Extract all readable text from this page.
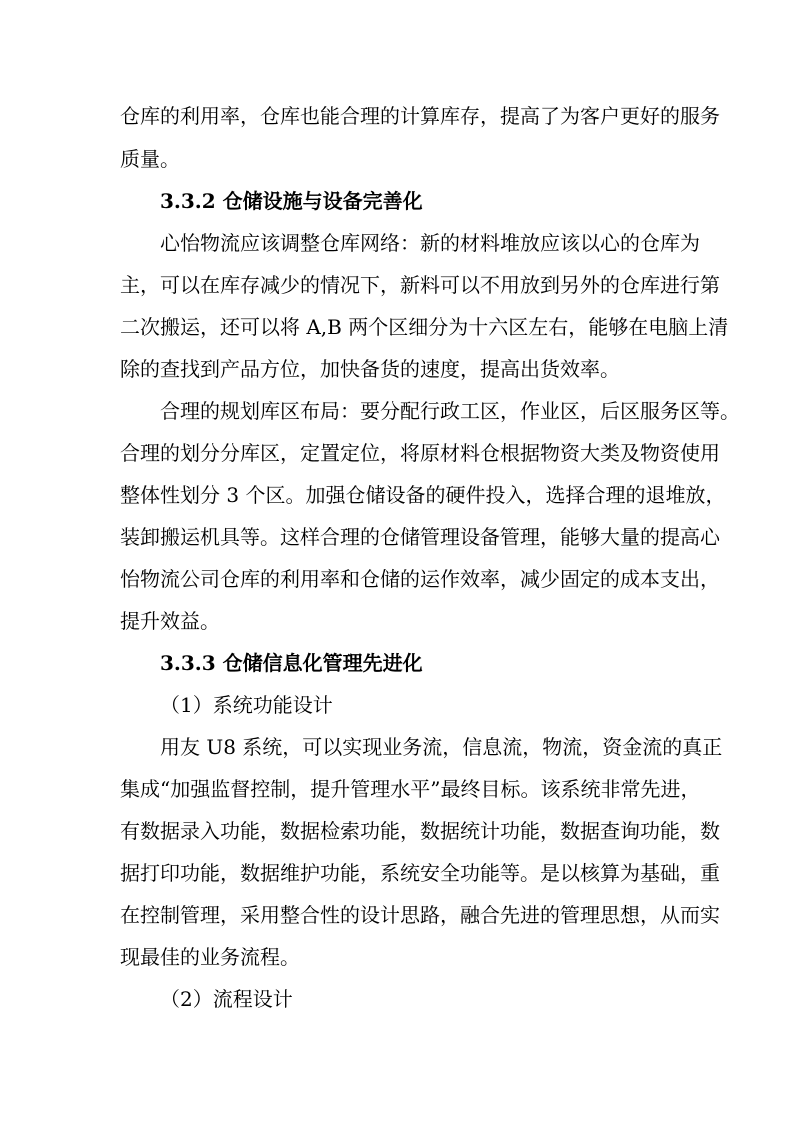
仓库的利用率，仓库也能合理的计算库存，提高了为客户更好的服务
质量。
3.3.2 仓储设施与设备完善化
心怡物流应该调整仓库网络：新的材料堆放应该以心的仓库为
主，可以在库存减少的情况下，新料可以不用放到另外的仓库进行第
二次搬运，还可以将 A,B 两个区细分为十六区左右，能够在电脑上清
除的查找到产品方位，加快备货的速度，提高出货效率。
合理的规划库区布局：要分配行政工区，作业区，后区服务区等。
合理的划分分库区，定置定位，将原材料仓根据物资大类及物资使用
整体性划分 3 个区。加强仓储设备的硬件投入，选择合理的退堆放，
装卸搬运机具等。这样合理的仓储管理设备管理，能够大量的提高心
怡物流公司仓库的利用率和仓储的运作效率，减少固定的成本支出，
提升效益。
3.3.3 仓储信息化管理先进化
（1）系统功能设计
用友 U8 系统，可以实现业务流，信息流，物流，资金流的真正
集成“加强监督控制，提升管理水平”最终目标。该系统非常先进，
有数据录入功能，数据检索功能，数据统计功能，数据查询功能，数
据打印功能，数据维护功能，系统安全功能等。是以核算为基础，重
在控制管理，采用整合性的设计思路，融合先进的管理思想，从而实
现最佳的业务流程。
（2）流程设计
